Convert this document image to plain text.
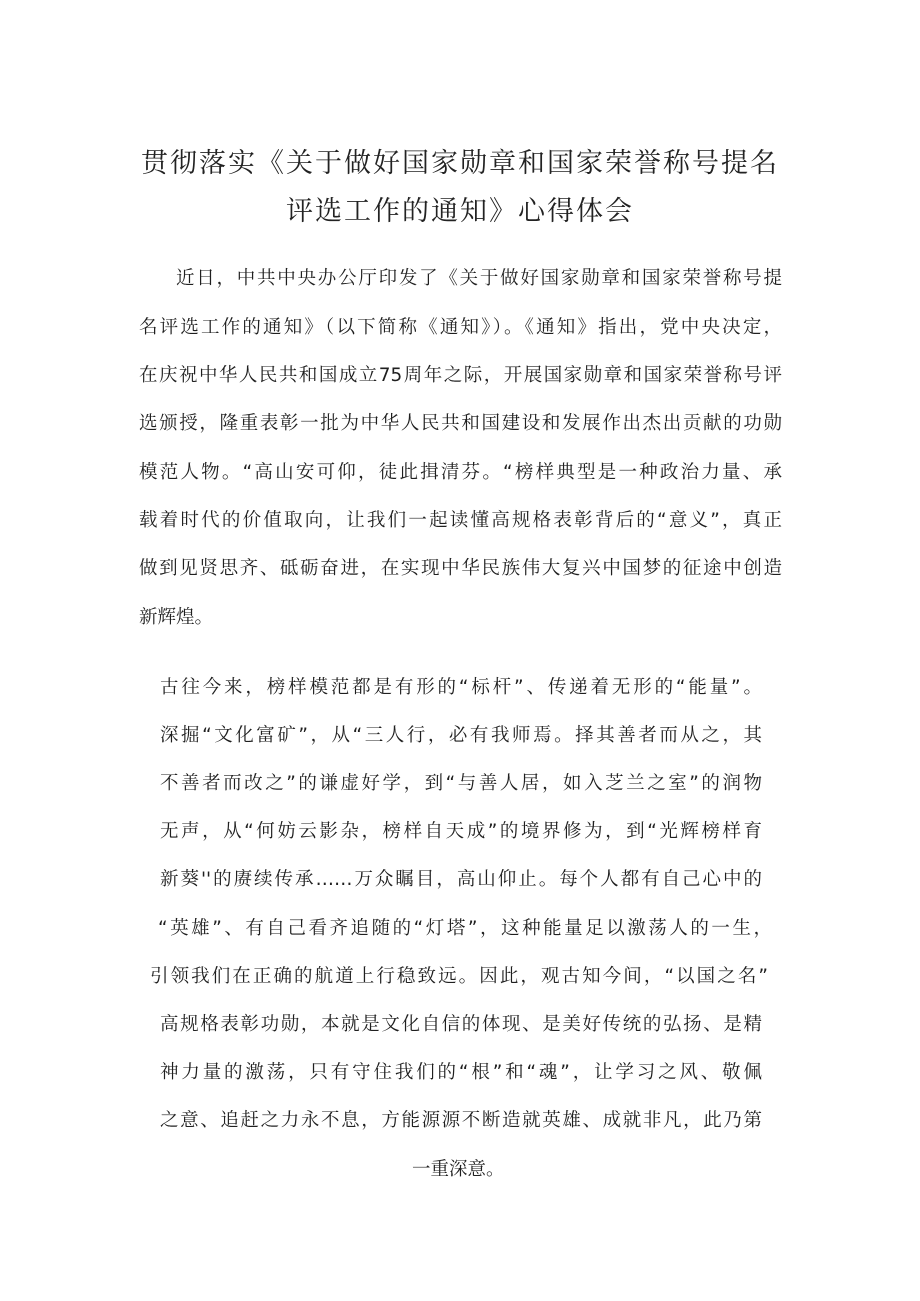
贯彻落实《关于做好国家勋章和国家荣誉称号提名
评选工作的通知》心得体会
近日，中共中央办公厅印发了《关于做好国家勋章和国家荣誉称号提
名评选工作的通知》（以下简称《通知》）。《通知》指出，党中央决定，
在庆祝中华人民共和国成立75周年之际，开展国家勋章和国家荣誉称号评
选颁授，隆重表彰一批为中华人民共和国建设和发展作出杰出贡献的功勋
模范人物。“高山安可仰，徒此揖清芬。“榜样典型是一种政治力量、承
载着时代的价值取向，让我们一起读懂高规格表彰背后的“意义”，真正
做到见贤思齐、砥砺奋进，在实现中华民族伟大复兴中国梦的征途中创造
新辉煌。
古往今来，榜样模范都是有形的“标杆”、传递着无形的“能量”。
深掘“文化富矿”，从“三人行，必有我师焉。择其善者而从之，其
不善者而改之”的谦虚好学，到“与善人居，如入芝兰之室”的润物
无声，从“何妨云影杂，榜样自天成”的境界修为，到“光辉榜样育
新葵''的赓续传承……万众瞩目，高山仰止。每个人都有自己心中的
“英雄”、有自己看齐追随的“灯塔”，这种能量足以激荡人的一生，
引领我们在正确的航道上行稳致远。因此，观古知今间，“以国之名”
高规格表彰功勋，本就是文化自信的体现、是美好传统的弘扬、是精
神力量的激荡，只有守住我们的“根”和“魂”，让学习之风、敬佩
之意、追赶之力永不息，方能源源不断造就英雄、成就非凡，此乃第
一重深意。
